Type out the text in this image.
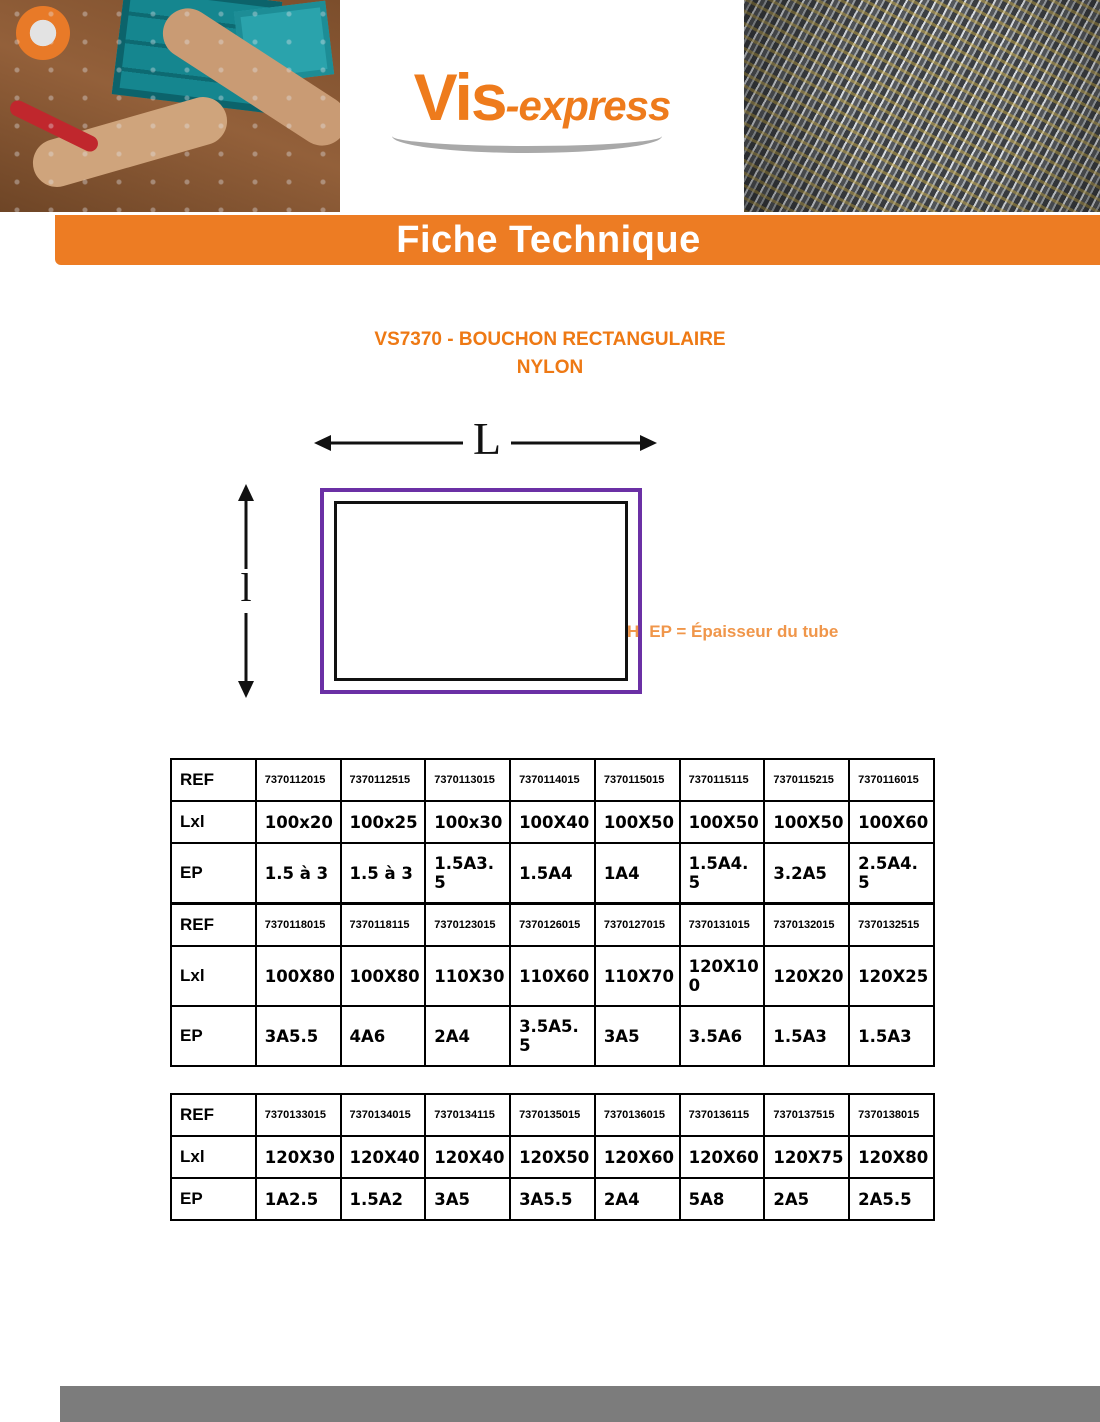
Vis -express
Fiche Technique
VS7370 - BOUCHON RECTANGULAIRE
NYLON
L
l
H EP = Épaisseur du tube
REF	7370112015	7370112515	7370113015	7370114015	7370115015	7370115115	7370115215	7370116015
Lxl	100x20	100x25	100x30	100X40	100X50	100X50	100X50	100X60
EP	1.5 à 3	1.5 à 3	1.5A3.5	1.5A4	1A4	1.5A4.5	3.2A5	2.5A4.5
REF	7370118015	7370118115	7370123015	7370126015	7370127015	7370131015	7370132015	7370132515
Lxl	100X80	100X80	110X30	110X60	110X70	120X100	120X20	120X25
EP	3A5.5	4A6	2A4	3.5A5.5	3A5	3.5A6	1.5A3	1.5A3
REF	7370133015	7370134015	7370134115	7370135015	7370136015	7370136115	7370137515	7370138015
Lxl	120X30	120X40	120X40	120X50	120X60	120X60	120X75	120X80
EP	1A2.5	1.5A2	3A5	3A5.5	2A4	5A8	2A5	2A5.5
